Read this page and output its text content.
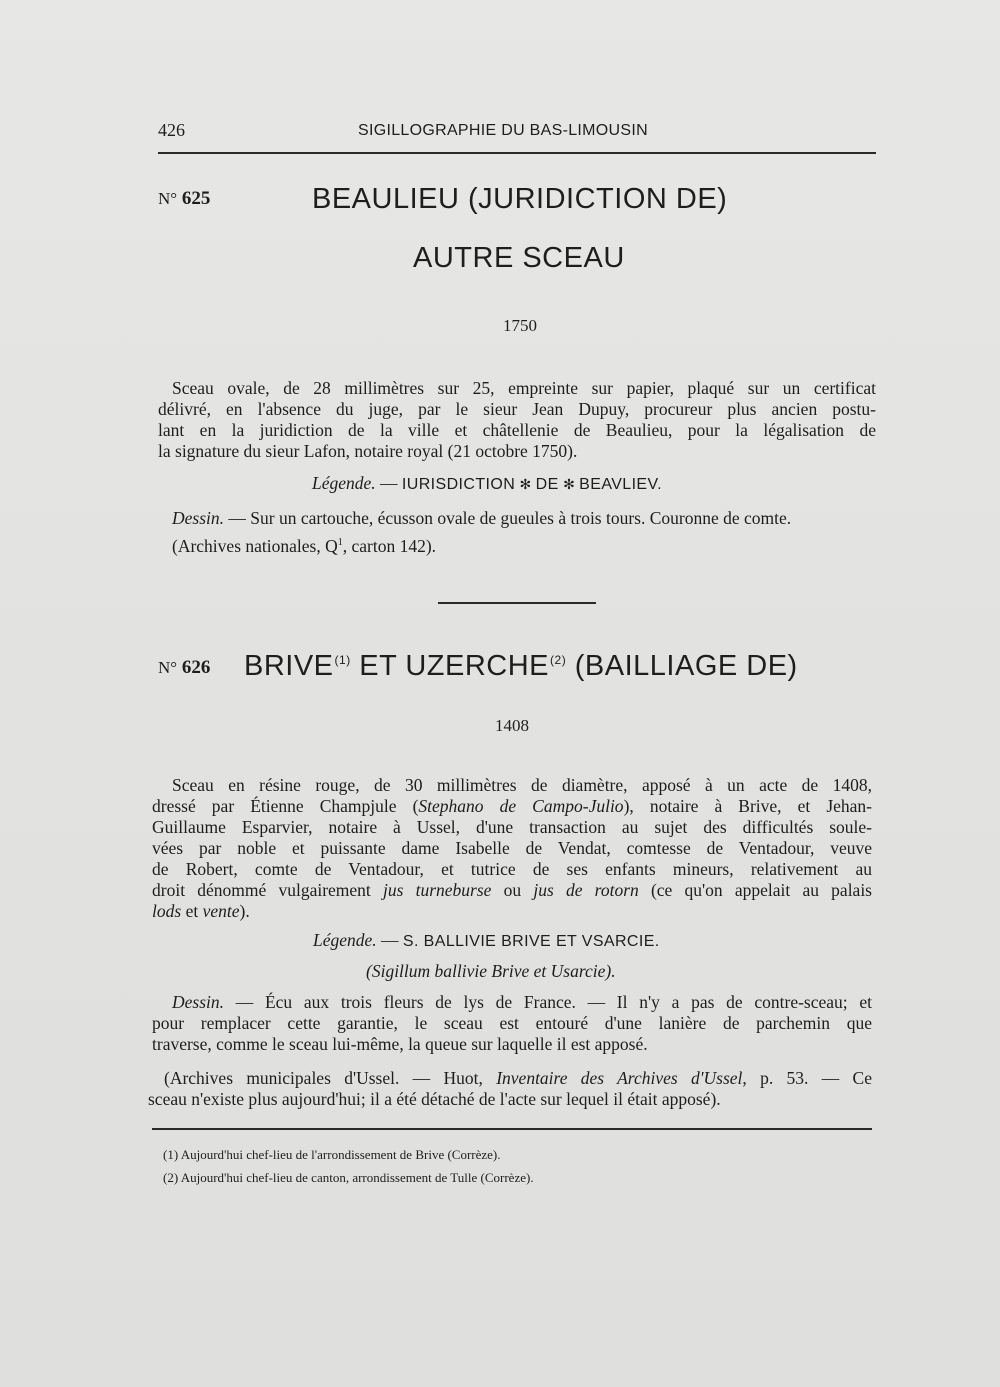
426	SIGILLOGRAPHIE DU BAS-LIMOUSIN
N° 625	BEAULIEU (JURIDICTION DE)
AUTRE SCEAU
1750
Sceau ovale, de 28 millimètres sur 25, empreinte sur papier, plaqué sur un certificat
délivré, en l'absence du juge, par le sieur Jean Dupuy, procureur plus ancien postu-
lant en la juridiction de la ville et châtellenie de Beaulieu, pour la légalisation de
la signature du sieur Lafon, notaire royal (21 octobre 1750).
Légende. — IURISDICTION ✻ DE ✻ BEAVLIEV.
Dessin. — Sur un cartouche, écusson ovale de gueules à trois tours. Couronne de comte.
(Archives nationales, $Q^1$, carton 142).
N° 626 BRIVE$^{(1)}$ ET UZERCHE$^{(2)}$ (BAILLIAGE DE)
1408
Sceau en résine rouge, de 30 millimètres de diamètre, apposé à un acte de 1408,
dressé par Étienne Champjule (Stephano de Campo-Julio), notaire à Brive, et Jehan-
Guillaume Esparvier, notaire à Ussel, d'une transaction au sujet des difficultés soule-
vées par noble et puissante dame Isabelle de Vendat, comtesse de Ventadour, veuve
de Robert, comte de Ventadour, et tutrice de ses enfants mineurs, relativement au
droit dénommé vulgairement jus turneburse ou jus de rotorn (ce qu'on appelait au palais
lods et vente).
Légende. — S. BALLIVIE BRIVE ET VSARCIE.
(Sigillum ballivie Brive et Usarcie).
Dessin. — Écu aux trois fleurs de lys de France. — Il n'y a pas de contre-sceau; et
pour remplacer cette garantie, le sceau est entouré d'une lanière de parchemin que
traverse, comme le sceau lui-même, la queue sur laquelle il est apposé.
(Archives municipales d'Ussel. — Huot, Inventaire des Archives d'Ussel, p. 53. — Ce
sceau n'existe plus aujourd'hui; il a été détaché de l'acte sur lequel il était apposé).
(1) Aujourd'hui chef-lieu de l'arrondissement de Brive (Corrèze).
(2) Aujourd'hui chef-lieu de canton, arrondissement de Tulle (Corrèze).
